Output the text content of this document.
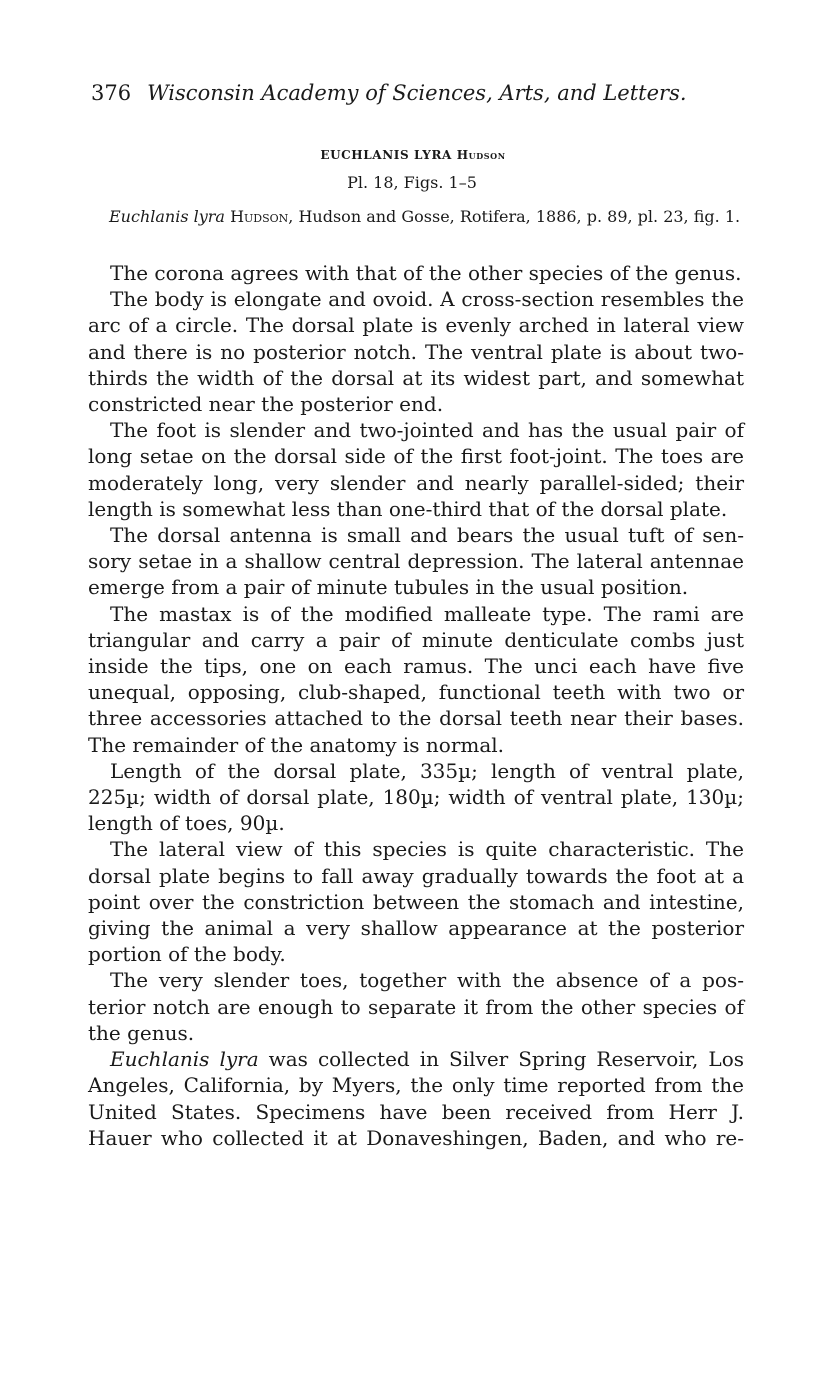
376 Wisconsin Academy of Sciences, Arts, and Letters.
EUCHLANIS LYRA Hudson
Pl. 18, Figs. 1–5
Euchlanis lyra Hudson, Hudson and Gosse, Rotifera, 1886, p. 89, pl. 23, fig. 1.

The corona agrees with that of the other species of the genus.

The body is elongate and ovoid. A cross-section resembles the arc of a circle. The dorsal plate is evenly arched in lateral view and there is no posterior notch. The ventral plate is about two-thirds the width of the dorsal at its widest part, and somewhat constricted near the posterior end.

The foot is slender and two-jointed and has the usual pair of long setae on the dorsal side of the first foot-joint. The toes are moderately long, very slender and nearly parallel-sided; their length is somewhat less than one-third that of the dorsal plate.

The dorsal antenna is small and bears the usual tuft of sensory setae in a shallow central depression. The lateral antennae emerge from a pair of minute tubules in the usual position.

The mastax is of the modified malleate type. The rami are triangular and carry a pair of minute denticulate combs just inside the tips, one on each ramus. The unci each have five unequal, opposing, club-shaped, functional teeth with two or three accessories attached to the dorsal teeth near their bases. The remainder of the anatomy is normal.

Length of the dorsal plate, 335µ; length of ventral plate, 225µ; width of dorsal plate, 180µ; width of ventral plate, 130µ; length of toes, 90µ.

The lateral view of this species is quite characteristic. The dorsal plate begins to fall away gradually towards the foot at a point over the constriction between the stomach and intestine, giving the animal a very shallow appearance at the posterior portion of the body.

The very slender toes, together with the absence of a posterior notch are enough to separate it from the other species of the genus.

Euchlanis lyra was collected in Silver Spring Reservoir, Los Angeles, California, by Myers, the only time reported from the United States. Specimens have been received from Herr J. Hauer who collected it at Donaveshingen, Baden, and who re-
